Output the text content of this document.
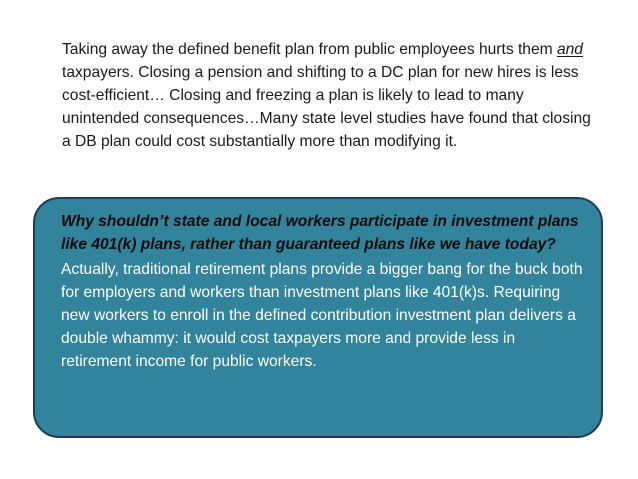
Taking away the defined benefit plan from public employees hurts them and taxpayers. Closing a pension and shifting to a DC plan for new hires is less cost-efficient… Closing and freezing a plan is likely to lead to many unintended consequences…Many state level studies have found that closing a DB plan could cost substantially more than modifying it.

Why shouldn’t state and local workers participate in investment plans like 401(k) plans, rather than guaranteed plans like we have today?

Actually, traditional retirement plans provide a bigger bang for the buck both for employers and workers than investment plans like 401(k)s. Requiring new workers to enroll in the defined contribution investment plan delivers a double whammy: it would cost taxpayers more and provide less in retirement income for public workers.
